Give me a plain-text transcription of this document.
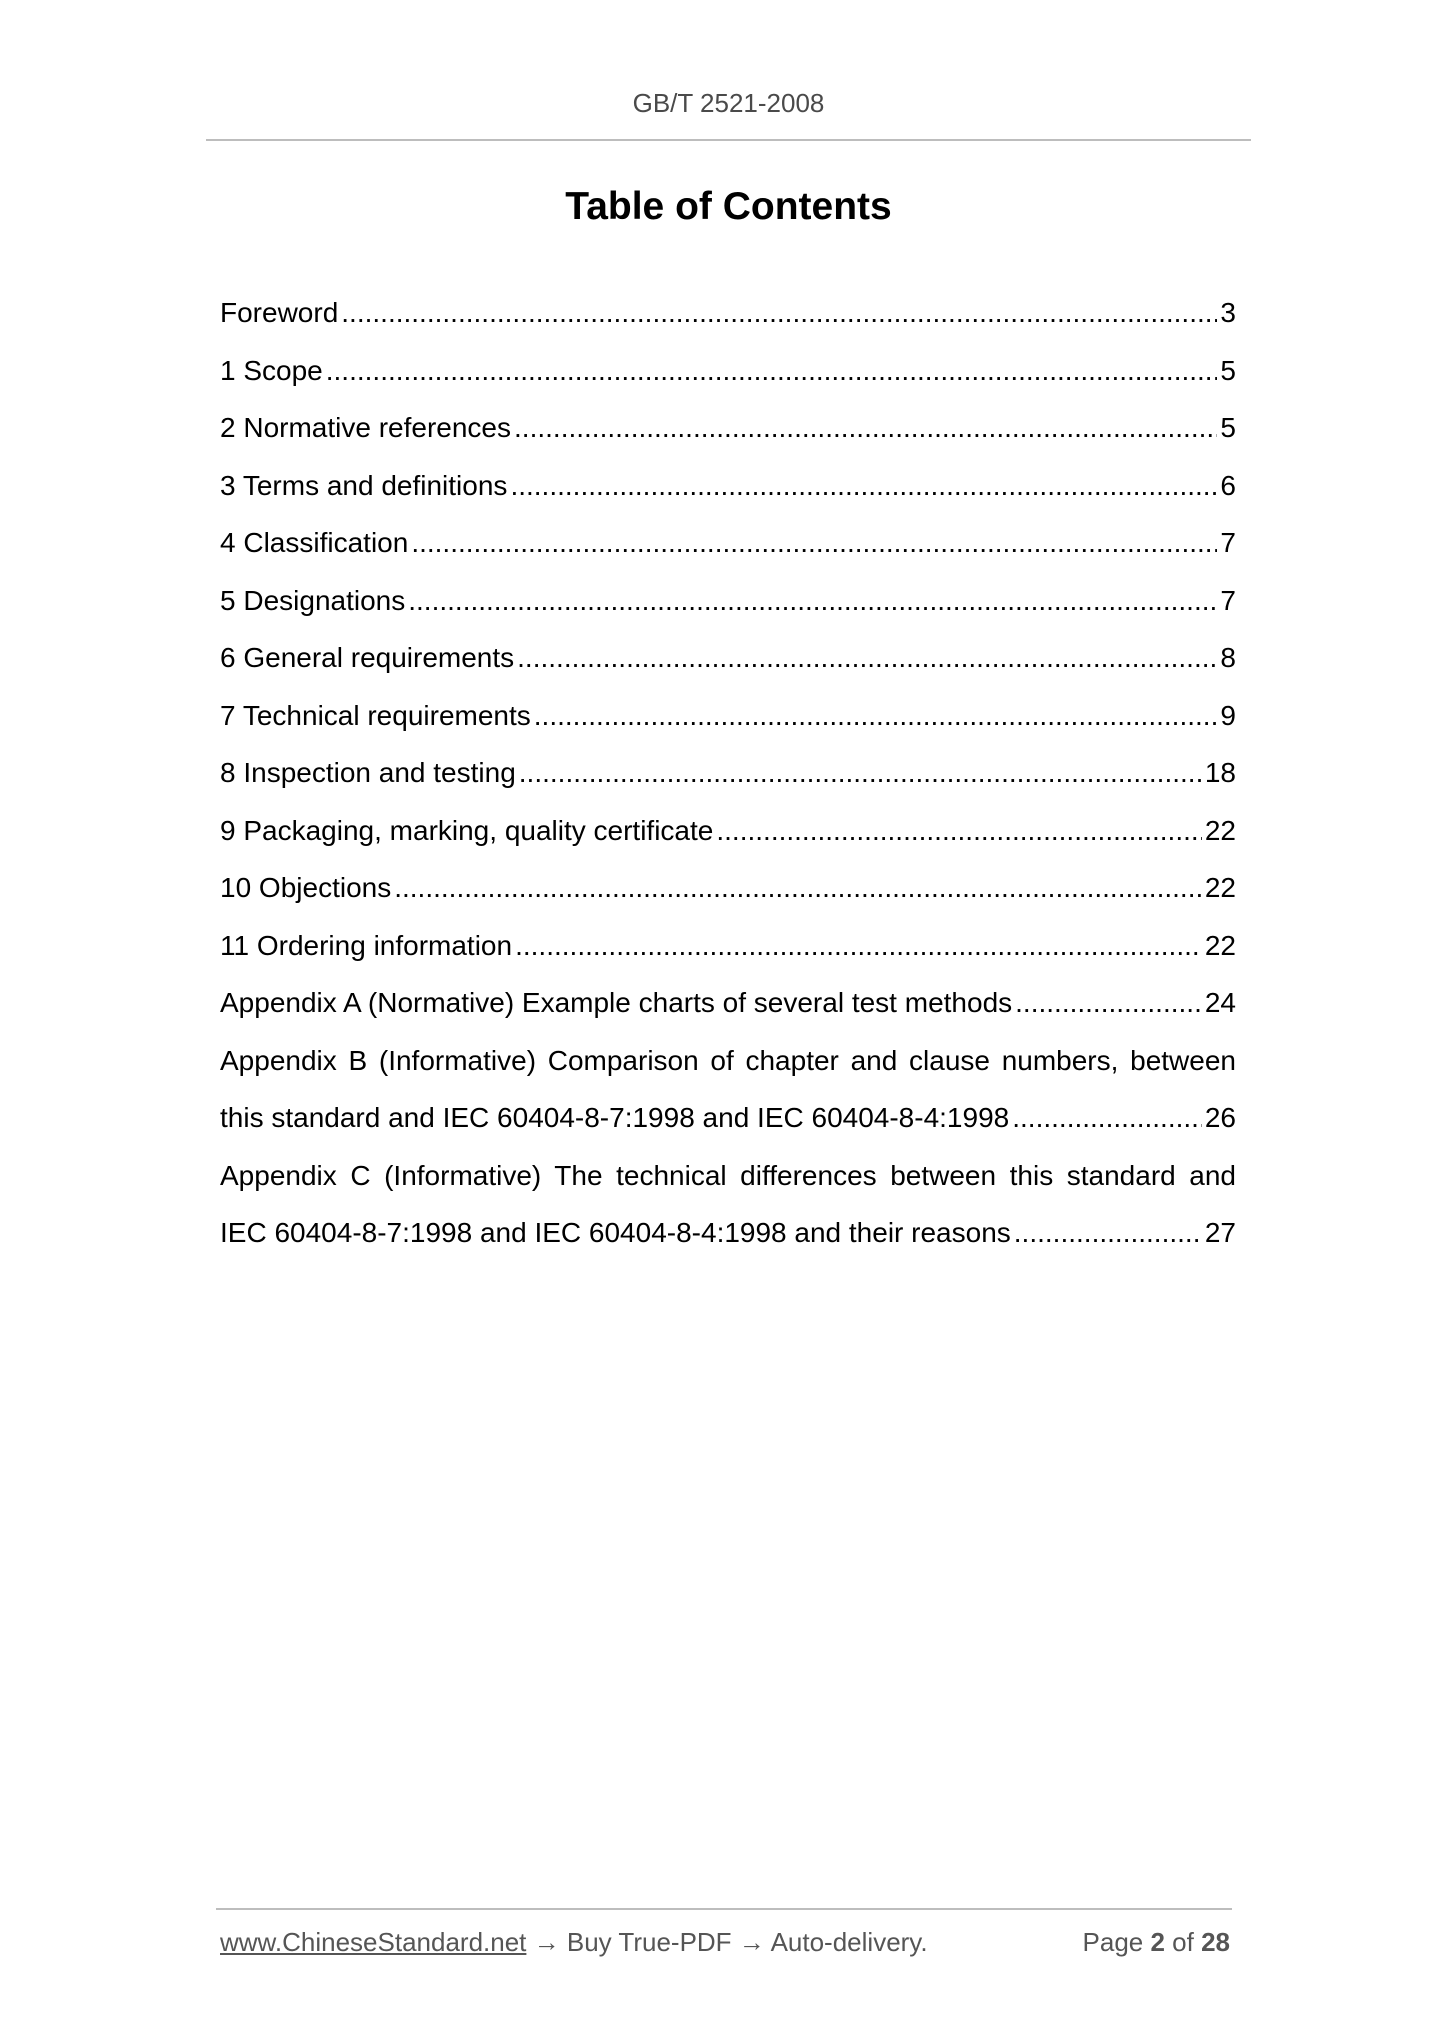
GB/T 2521-2008
Table of Contents
Foreword .....	3
1 Scope .....	5
2 Normative references .....	5
3 Terms and definitions .....	6
4 Classification .....	7
5 Designations .....	7
6 General requirements .....	8
7 Technical requirements .....	9
8 Inspection and testing .....	18
9 Packaging, marking, quality certificate .....	22
10 Objections .....	22
11 Ordering information .....	22
Appendix A (Normative) Example charts of several test methods .....	24
Appendix B (Informative) Comparison of chapter and clause numbers, between
this standard and IEC 60404-8-7:1998 and IEC 60404-8-4:1998 .....	26
Appendix C (Informative) The technical differences between this standard and
IEC 60404-8-7:1998 and IEC 60404-8-4:1998 and their reasons .....	27
www.ChineseStandard.net → Buy True-PDF → Auto-delivery.	Page 2 of 28
